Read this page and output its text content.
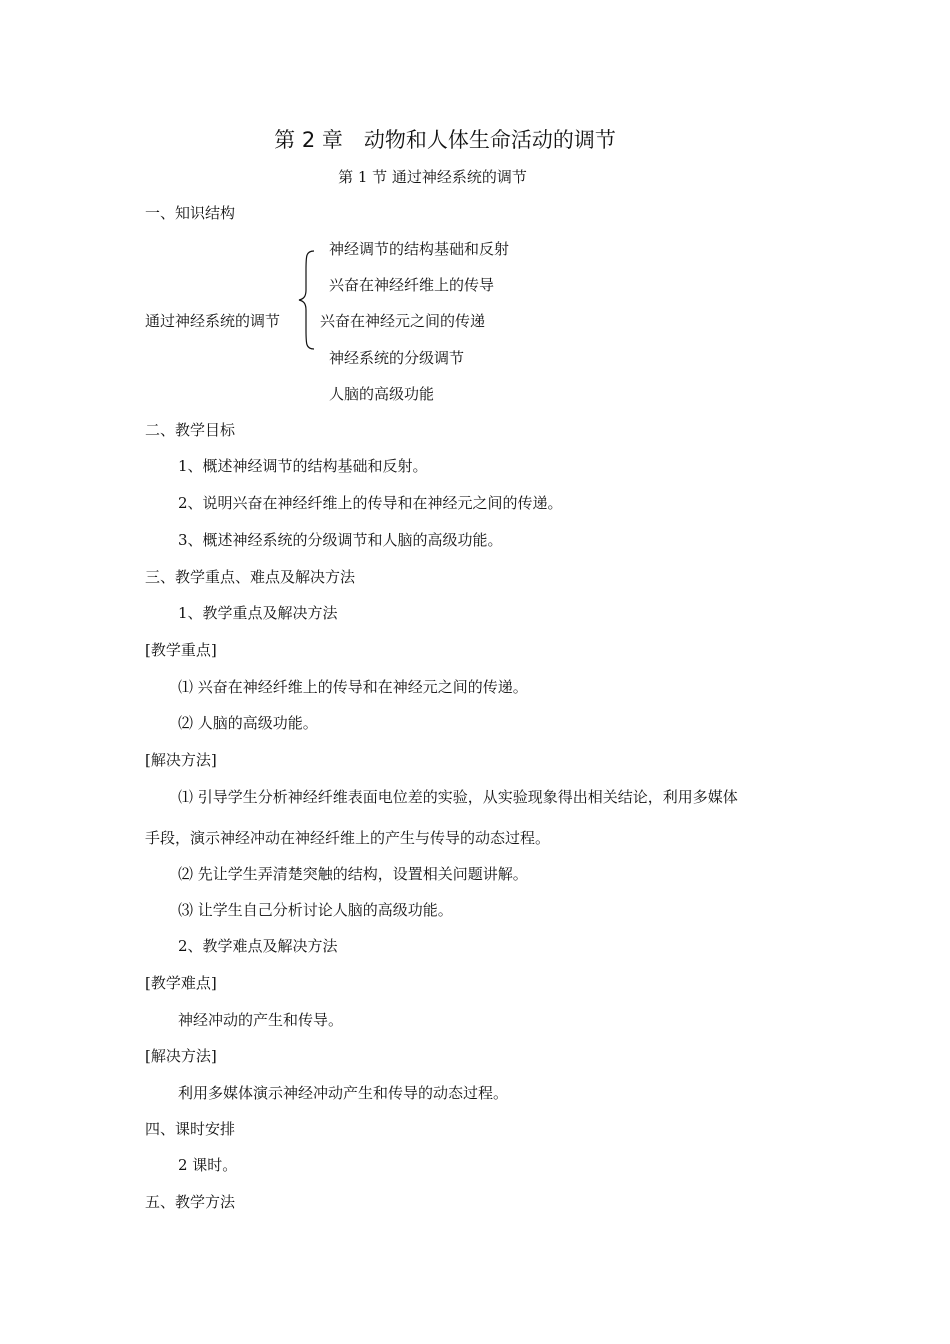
第 2 章　动物和人体生命活动的调节
第 1 节 通过神经系统的调节
一、知识结构
通过神经系统的调节
神经调节的结构基础和反射
兴奋在神经纤维上的传导
兴奋在神经元之间的传递
神经系统的分级调节
人脑的高级功能
二、教学目标
1、概述神经调节的结构基础和反射。
2、说明兴奋在神经纤维上的传导和在神经元之间的传递。
3、概述神经系统的分级调节和人脑的高级功能。
三、教学重点、难点及解决方法
1、教学重点及解决方法
[教学重点]
⑴ 兴奋在神经纤维上的传导和在神经元之间的传递。
⑵ 人脑的高级功能。
[解决方法]
⑴ 引导学生分析神经纤维表面电位差的实验，从实验现象得出相关结论，利用多媒体
手段，演示神经冲动在神经纤维上的产生与传导的动态过程。
⑵ 先让学生弄清楚突触的结构，设置相关问题讲解。
⑶ 让学生自己分析讨论人脑的高级功能。
2、教学难点及解决方法
[教学难点]
神经冲动的产生和传导。
[解决方法]
利用多媒体演示神经冲动产生和传导的动态过程。
四、课时安排
2 课时。
五、教学方法
